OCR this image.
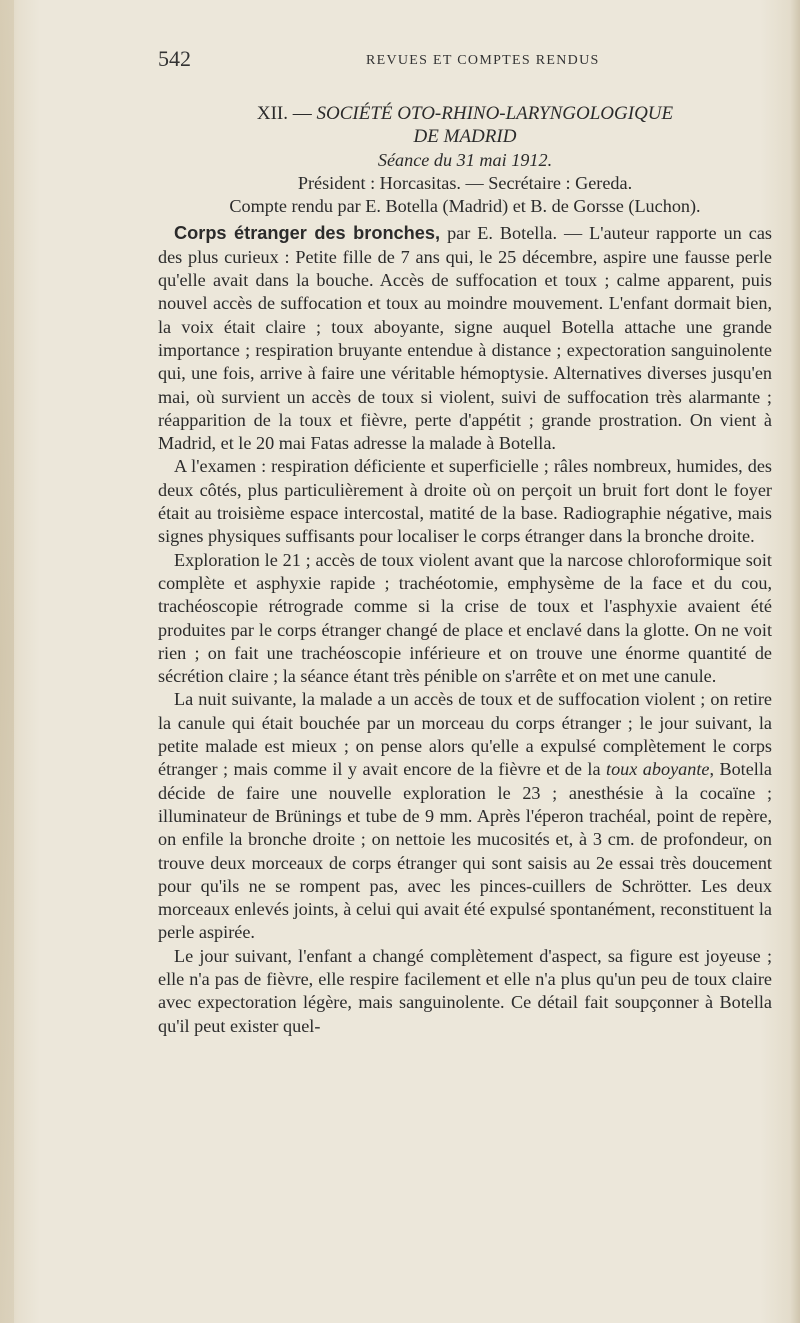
542	REVUES ET COMPTES RENDUS
XII. — SOCIÉTÉ OTO-RHINO-LARYNGOLOGIQUE
DE MADRID
Séance du 31 mai 1912.
Président : Horcasitas. — Secrétaire : Gereda.
Compte rendu par E. Botella (Madrid) et B. de Gorsse (Luchon).

Corps étranger des bronches, par E. Botella. — L'auteur rapporte un cas des plus curieux : Petite fille de 7 ans qui, le 25 décembre, aspire une fausse perle qu'elle avait dans la bouche. Accès de suffocation et toux ; calme apparent, puis nouvel accès de suffocation et toux au moindre mouvement. L'enfant dormait bien, la voix était claire ; toux aboyante, signe auquel Botella attache une grande importance ; respiration bruyante entendue à distance ; expectoration sanguinolente qui, une fois, arrive à faire une véritable hémoptysie. Alternatives diverses jusqu'en mai, où survient un accès de toux si violent, suivi de suffocation très alarmante ; réapparition de la toux et fièvre, perte d'appétit ; grande prostration. On vient à Madrid, et le 20 mai Fatas adresse la malade à Botella.

A l'examen : respiration déficiente et superficielle ; râles nombreux, humides, des deux côtés, plus particulièrement à droite où on perçoit un bruit fort dont le foyer était au troisième espace intercostal, matité de la base. Radiographie négative, mais signes physiques suffisants pour localiser le corps étranger dans la bronche droite.

Exploration le 21 ; accès de toux violent avant que la narcose chloroformique soit complète et asphyxie rapide ; trachéotomie, emphysème de la face et du cou, trachéoscopie rétrograde comme si la crise de toux et l'asphyxie avaient été produites par le corps étranger changé de place et enclavé dans la glotte. On ne voit rien ; on fait une trachéoscopie inférieure et on trouve une énorme quantité de sécrétion claire ; la séance étant très pénible on s'arrête et on met une canule.

La nuit suivante, la malade a un accès de toux et de suffocation violent ; on retire la canule qui était bouchée par un morceau du corps étranger ; le jour suivant, la petite malade est mieux ; on pense alors qu'elle a expulsé complètement le corps étranger ; mais comme il y avait encore de la fièvre et de la toux aboyante, Botella décide de faire une nouvelle exploration le 23 ; anesthésie à la cocaïne ; illuminateur de Brünings et tube de 9 mm. Après l'éperon trachéal, point de repère, on enfile la bronche droite ; on nettoie les mucosités et, à 3 cm. de profondeur, on trouve deux morceaux de corps étranger qui sont saisis au 2e essai très doucement pour qu'ils ne se rompent pas, avec les pinces-cuillers de Schrötter. Les deux morceaux enlevés joints, à celui qui avait été expulsé spontanément, reconstituent la perle aspirée.

Le jour suivant, l'enfant a changé complètement d'aspect, sa figure est joyeuse ; elle n'a pas de fièvre, elle respire facilement et elle n'a plus qu'un peu de toux claire avec expectoration légère, mais sanguinolente. Ce détail fait soupçonner à Botella qu'il peut exister quel-
